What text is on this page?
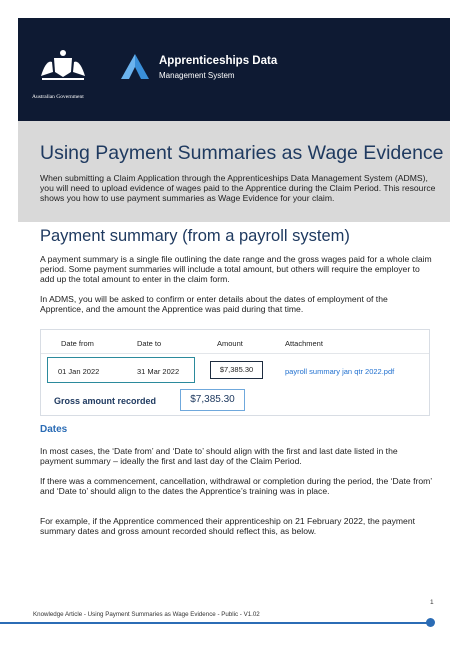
Australian Government
Apprenticeships Data
Management System
Using Payment Summaries as Wage Evidence
When submitting a Claim Application through the Apprenticeships Data Management System (ADMS), you will need to upload evidence of wages paid to the Apprentice during the Claim Period. This resource shows you how to use payment summaries as Wage Evidence for your claim.
Payment summary (from a payroll system)
A payment summary is a single file outlining the date range and the gross wages paid for a whole claim period. Some payment summaries will include a total amount, but others will require the employer to add up the total amount to enter in the claim form.
In ADMS, you will be asked to confirm or enter details about the dates of employment of the Apprentice, and the amount the Apprentice was paid during that time.
Date from	Date to	Amount	Attachment
01 Jan 2022	31 Mar 2022	$7,385.30	payroll summary jan qtr 2022.pdf
Gross amount recorded	$7,385.30
Dates
In most cases, the ‘Date from’ and ‘Date to’ should align with the first and last date listed in the payment summary – ideally the first and last day of the Claim Period.
If there was a commencement, cancellation, withdrawal or completion during the period, the ‘Date from’ and ‘Date to’ should align to the dates the Apprentice’s training was in place.
For example, if the Apprentice commenced their apprenticeship on 21 February 2022, the payment summary dates and gross amount recorded should reflect this, as below.
1
Knowledge Article - Using Payment Summaries as Wage Evidence - Public - V1.02
